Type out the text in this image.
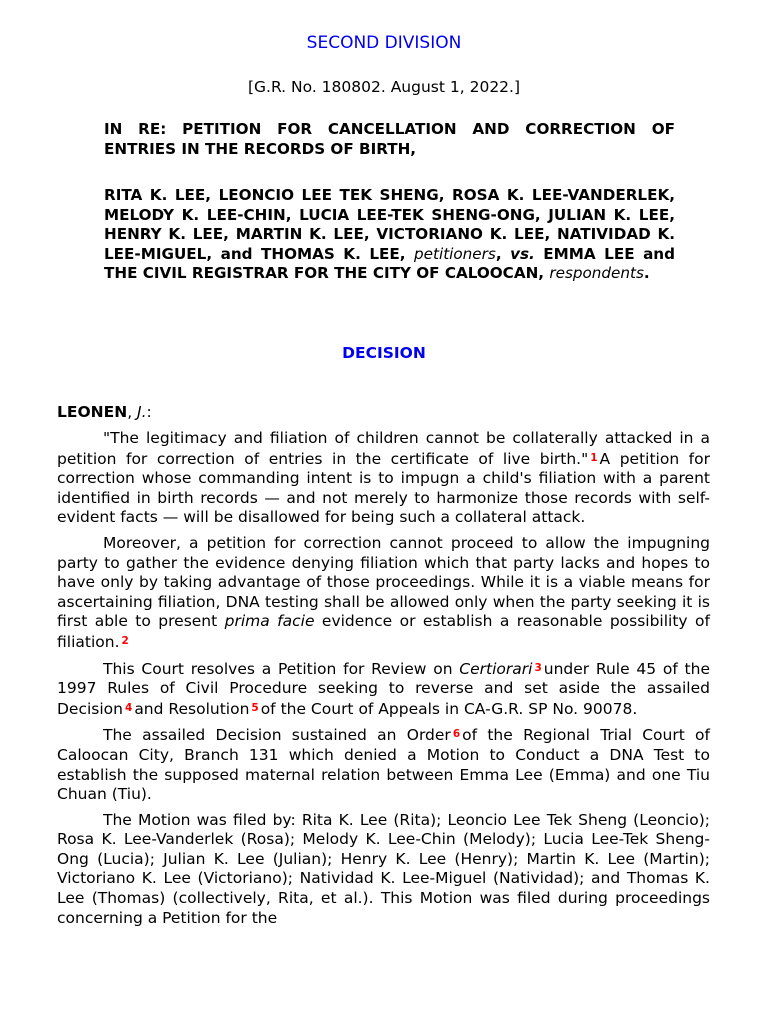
SECOND DIVISION
[G.R. No. 180802. August 1, 2022.]
IN RE: PETITION FOR CANCELLATION AND CORRECTION OF ENTRIES IN THE RECORDS OF BIRTH,
RITA K. LEE, LEONCIO LEE TEK SHENG, ROSA K. LEE-VANDERLEK, MELODY K. LEE-CHIN, LUCIA LEE-TEK SHENG-ONG, JULIAN K. LEE, HENRY K. LEE, MARTIN K. LEE, VICTORIANO K. LEE, NATIVIDAD K. LEE-MIGUEL, and THOMAS K. LEE, petitioners, vs. EMMA LEE and THE CIVIL REGISTRAR FOR THE CITY OF CALOOCAN, respondents.
DECISION
LEONEN, J.:

"The legitimacy and filiation of children cannot be collaterally attacked in a petition for correction of entries in the certificate of live birth." 1 A petition for correction whose commanding intent is to impugn a child's filiation with a parent identified in birth records — and not merely to harmonize those records with self-evident facts — will be disallowed for being such a collateral attack.

Moreover, a petition for correction cannot proceed to allow the impugning party to gather the evidence denying filiation which that party lacks and hopes to have only by taking advantage of those proceedings. While it is a viable means for ascertaining filiation, DNA testing shall be allowed only when the party seeking it is first able to present prima facie evidence or establish a reasonable possibility of filiation. 2

This Court resolves a Petition for Review on Certiorari 3 under Rule 45 of the 1997 Rules of Civil Procedure seeking to reverse and set aside the assailed Decision 4 and Resolution 5 of the Court of Appeals in CA-G.R. SP No. 90078.

The assailed Decision sustained an Order 6 of the Regional Trial Court of Caloocan City, Branch 131 which denied a Motion to Conduct a DNA Test to establish the supposed maternal relation between Emma Lee (Emma) and one Tiu Chuan (Tiu).

The Motion was filed by: Rita K. Lee (Rita); Leoncio Lee Tek Sheng (Leoncio); Rosa K. Lee-Vanderlek (Rosa); Melody K. Lee-Chin (Melody); Lucia Lee-Tek Sheng-Ong (Lucia); Julian K. Lee (Julian); Henry K. Lee (Henry); Martin K. Lee (Martin); Victoriano K. Lee (Victoriano); Natividad K. Lee-Miguel (Natividad); and Thomas K. Lee (Thomas) (collectively, Rita, et al.). This Motion was filed during proceedings concerning a Petition for the
